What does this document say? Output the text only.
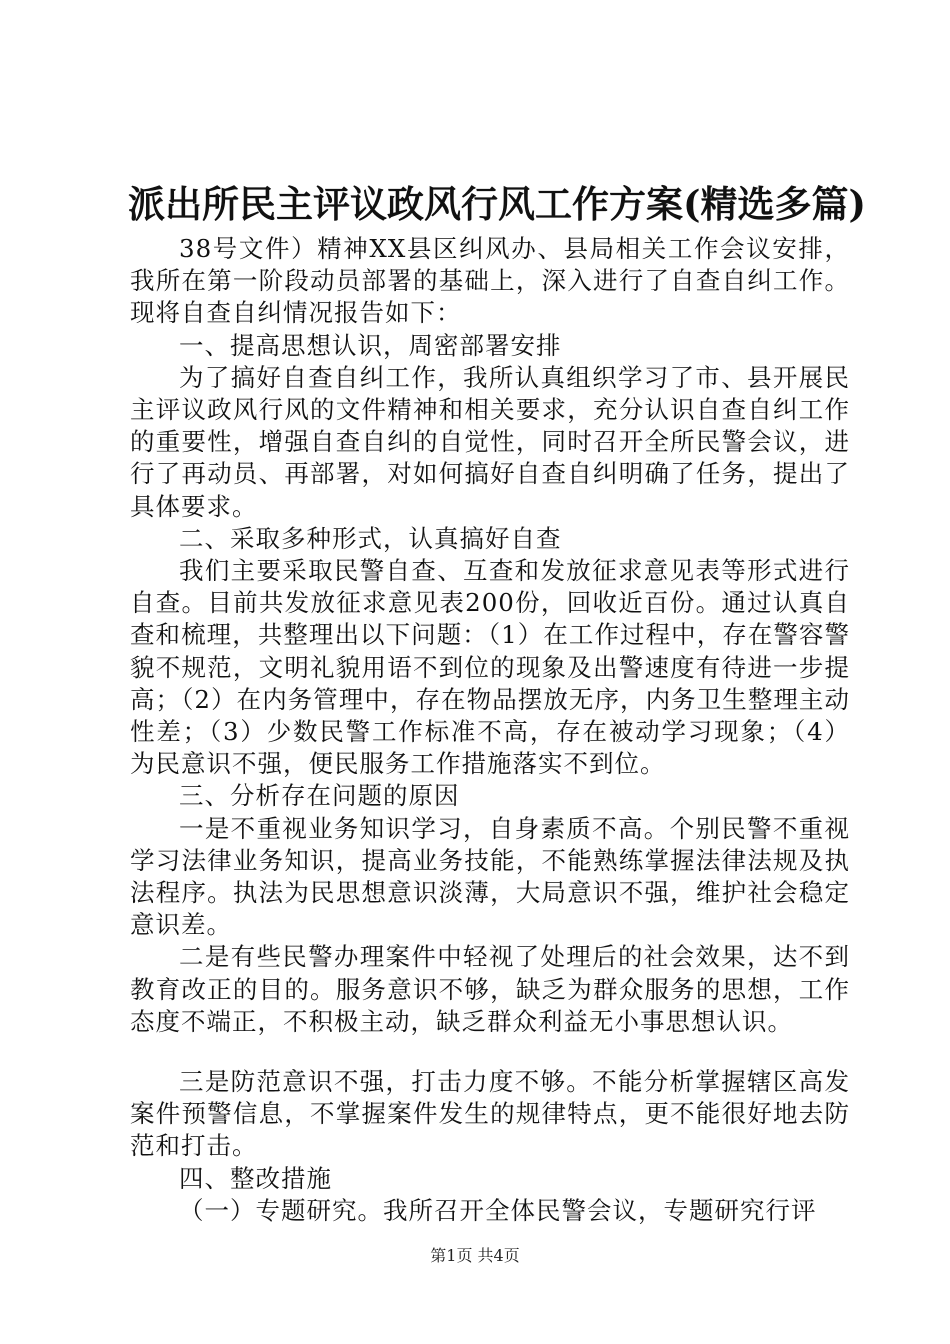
派出所民主评议政风行风工作方案(精选多篇)

38号文件）精神XX县区纠风办、县局相关工作会议安排，我所在第一阶段动员部署的基础上，深入进行了自查自纠工作。现将自查自纠情况报告如下：

一、提高思想认识，周密部署安排

为了搞好自查自纠工作，我所认真组织学习了市、县开展民主评议政风行风的文件精神和相关要求，充分认识自查自纠工作的重要性，增强自查自纠的自觉性，同时召开全所民警会议，进行了再动员、再部署，对如何搞好自查自纠明确了任务，提出了具体要求。

二、采取多种形式，认真搞好自查

我们主要采取民警自查、互查和发放征求意见表等形式进行自查。目前共发放征求意见表200份，回收近百份。通过认真自查和梳理，共整理出以下问题：（1）在工作过程中，存在警容警貌不规范，文明礼貌用语不到位的现象及出警速度有待进一步提高；（2）在内务管理中，存在物品摆放无序，内务卫生整理主动性差；（3）少数民警工作标准不高，存在被动学习现象；（4）为民意识不强，便民服务工作措施落实不到位。

三、分析存在问题的原因

一是不重视业务知识学习，自身素质不高。个别民警不重视学习法律业务知识，提高业务技能，不能熟练掌握法律法规及执法程序。执法为民思想意识淡薄，大局意识不强，维护社会稳定意识差。

二是有些民警办理案件中轻视了处理后的社会效果，达不到教育改正的目的。服务意识不够，缺乏为群众服务的思想，工作态度不端正，不积极主动，缺乏群众利益无小事思想认识。

三是防范意识不强，打击力度不够。不能分析掌握辖区高发案件预警信息，不掌握案件发生的规律特点，更不能很好地去防范和打击。

四、整改措施

（一）专题研究。我所召开全体民警会议，专题研究行评

第1页 共4页
